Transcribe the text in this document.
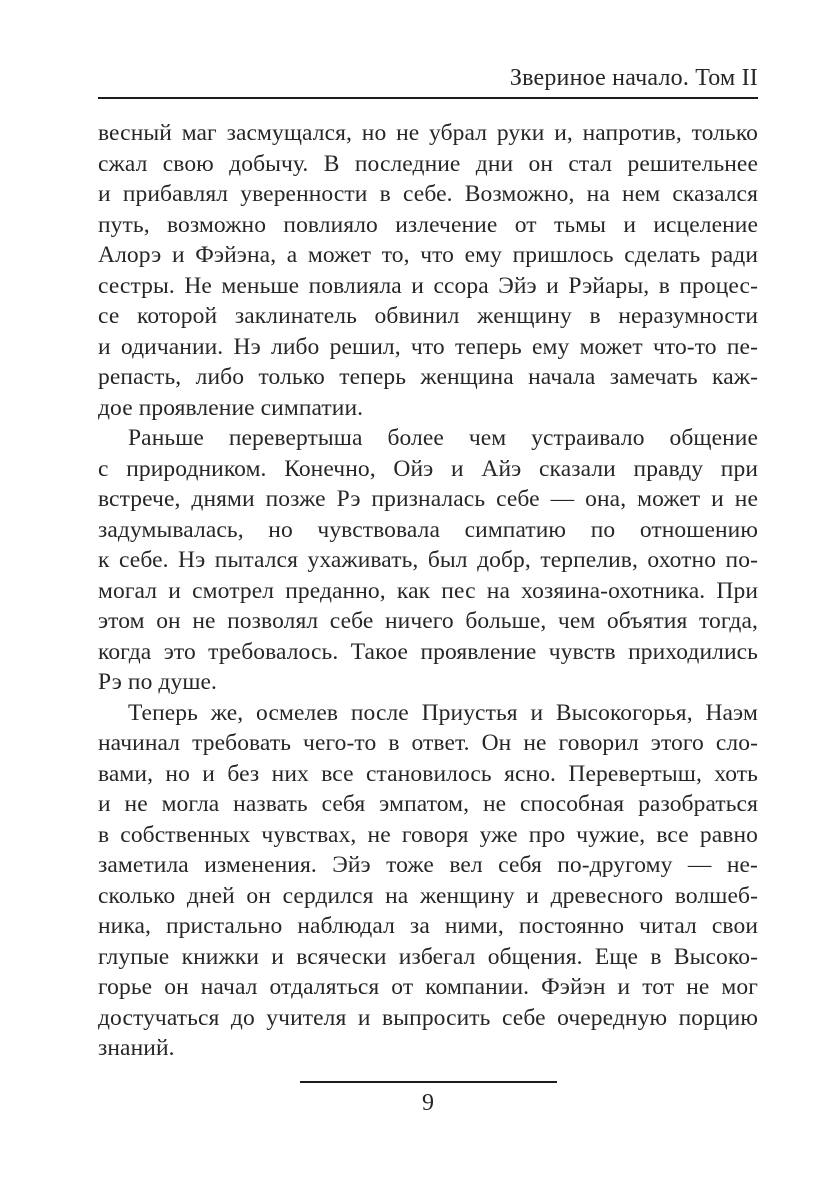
Звериное начало. Том II
весный маг засмущался, но не убрал руки и, напротив, только
сжал свою добычу. В последние дни он стал решительнее
и прибавлял уверенности в себе. Возможно, на нем сказался
путь, возможно повлияло излечение от тьмы и исцеление
Алорэ и Фэйэна, а может то, что ему пришлось сделать ради
сестры. Не меньше повлияла и ссора Эйэ и Рэйары, в процес-
се которой заклинатель обвинил женщину в неразумности
и одичании. Нэ либо решил, что теперь ему может что-то пе-
репасть, либо только теперь женщина начала замечать каж-
дое проявление симпатии.
Раньше перевертыша более чем устраивало общение
с природником. Конечно, Ойэ и Айэ сказали правду при
встрече, днями позже Рэ призналась себе — она, может и не
задумывалась, но чувствовала симпатию по отношению
к себе. Нэ пытался ухаживать, был добр, терпелив, охотно по-
могал и смотрел преданно, как пес на хозяина-охотника. При
этом он не позволял себе ничего больше, чем объятия тогда,
когда это требовалось. Такое проявление чувств приходились
Рэ по душе.
Теперь же, осмелев после Приустья и Высокогорья, Наэм
начинал требовать чего-то в ответ. Он не говорил этого сло-
вами, но и без них все становилось ясно. Перевертыш, хоть
и не могла назвать себя эмпатом, не способная разобраться
в собственных чувствах, не говоря уже про чужие, все равно
заметила изменения. Эйэ тоже вел себя по-другому — не-
сколько дней он сердился на женщину и древесного волшеб-
ника, пристально наблюдал за ними, постоянно читал свои
глупые книжки и всячески избегал общения. Еще в Высоко-
горье он начал отдаляться от компании. Фэйэн и тот не мог
достучаться до учителя и выпросить себе очередную порцию
знаний.
9
